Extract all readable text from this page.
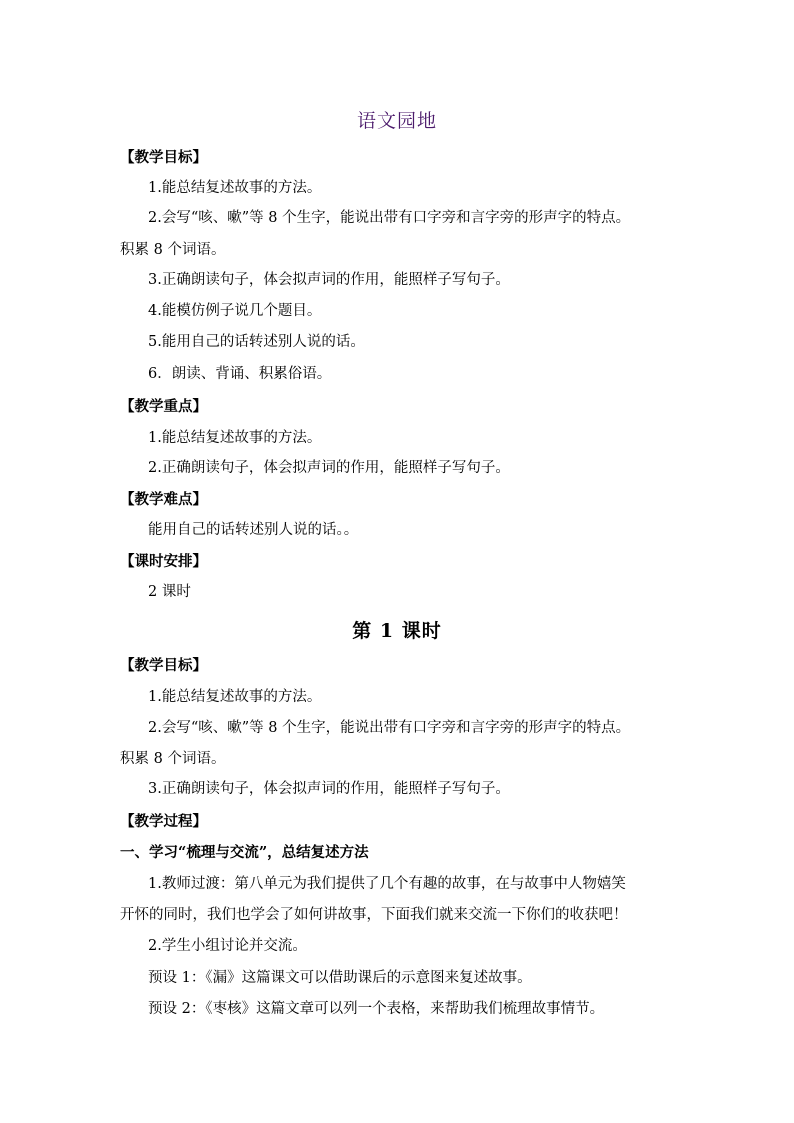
语文园地
【教学目标】
1.能总结复述故事的方法。
2.会写“咳、嗽”等 8 个生字，能说出带有口字旁和言字旁的形声字的特点。
积累 8 个词语。
3.正确朗读句子，体会拟声词的作用，能照样子写句子。
4.能模仿例子说几个题目。
5.能用自己的话转述别人说的话。
6．朗读、背诵、积累俗语。
【教学重点】
1.能总结复述故事的方法。
2.正确朗读句子，体会拟声词的作用，能照样子写句子。
【教学难点】
能用自己的话转述别人说的话。。
【课时安排】
2 课时
第 1 课时
【教学目标】
1.能总结复述故事的方法。
2.会写“咳、嗽”等 8 个生字，能说出带有口字旁和言字旁的形声字的特点。
积累 8 个词语。
3.正确朗读句子，体会拟声词的作用，能照样子写句子。
【教学过程】
一、学习“梳理与交流”，总结复述方法
1.教师过渡：第八单元为我们提供了几个有趣的故事，在与故事中人物嬉笑
开怀的同时，我们也学会了如何讲故事，下面我们就来交流一下你们的收获吧！
2.学生小组讨论并交流。
预设 1：《漏》这篇课文可以借助课后的示意图来复述故事。
预设 2：《枣核》这篇文章可以列一个表格，来帮助我们梳理故事情节。
